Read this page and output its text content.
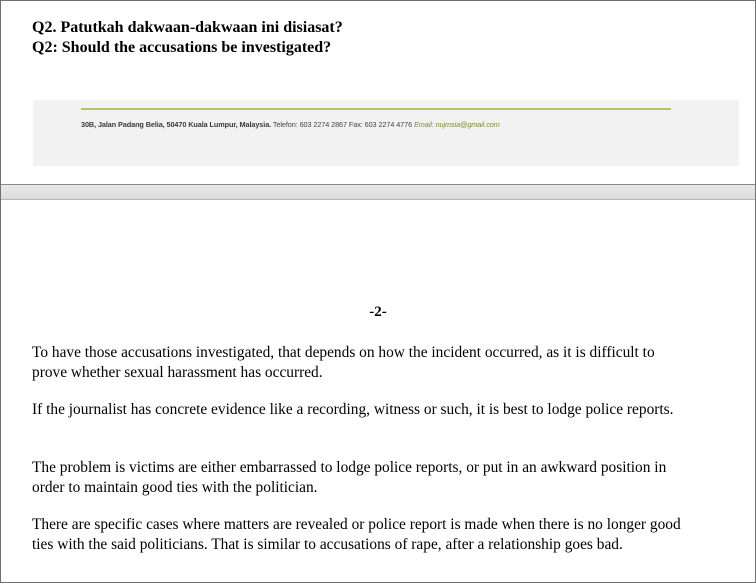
Q2. Patutkah dakwaan-dakwaan ini disiasat?
Q2: Should the accusations be investigated?
30B, Jalan Padang Belia, 50470 Kuala Lumpur, Malaysia. Telefon: 603 2274 2867 Fax: 603 2274 4776 Email: nujmsia@gmail.com
-2-
To have those accusations investigated, that depends on how the incident occurred, as it is difficult to prove whether sexual harassment has occurred.
If the journalist has concrete evidence like a recording, witness or such, it is best to lodge police reports.
The problem is victims are either embarrassed to lodge police reports, or put in an awkward position in order to maintain good ties with the politician.
There are specific cases where matters are revealed or police report is made when there is no longer good ties with the said politicians. That is similar to accusations of rape, after a relationship goes bad.
